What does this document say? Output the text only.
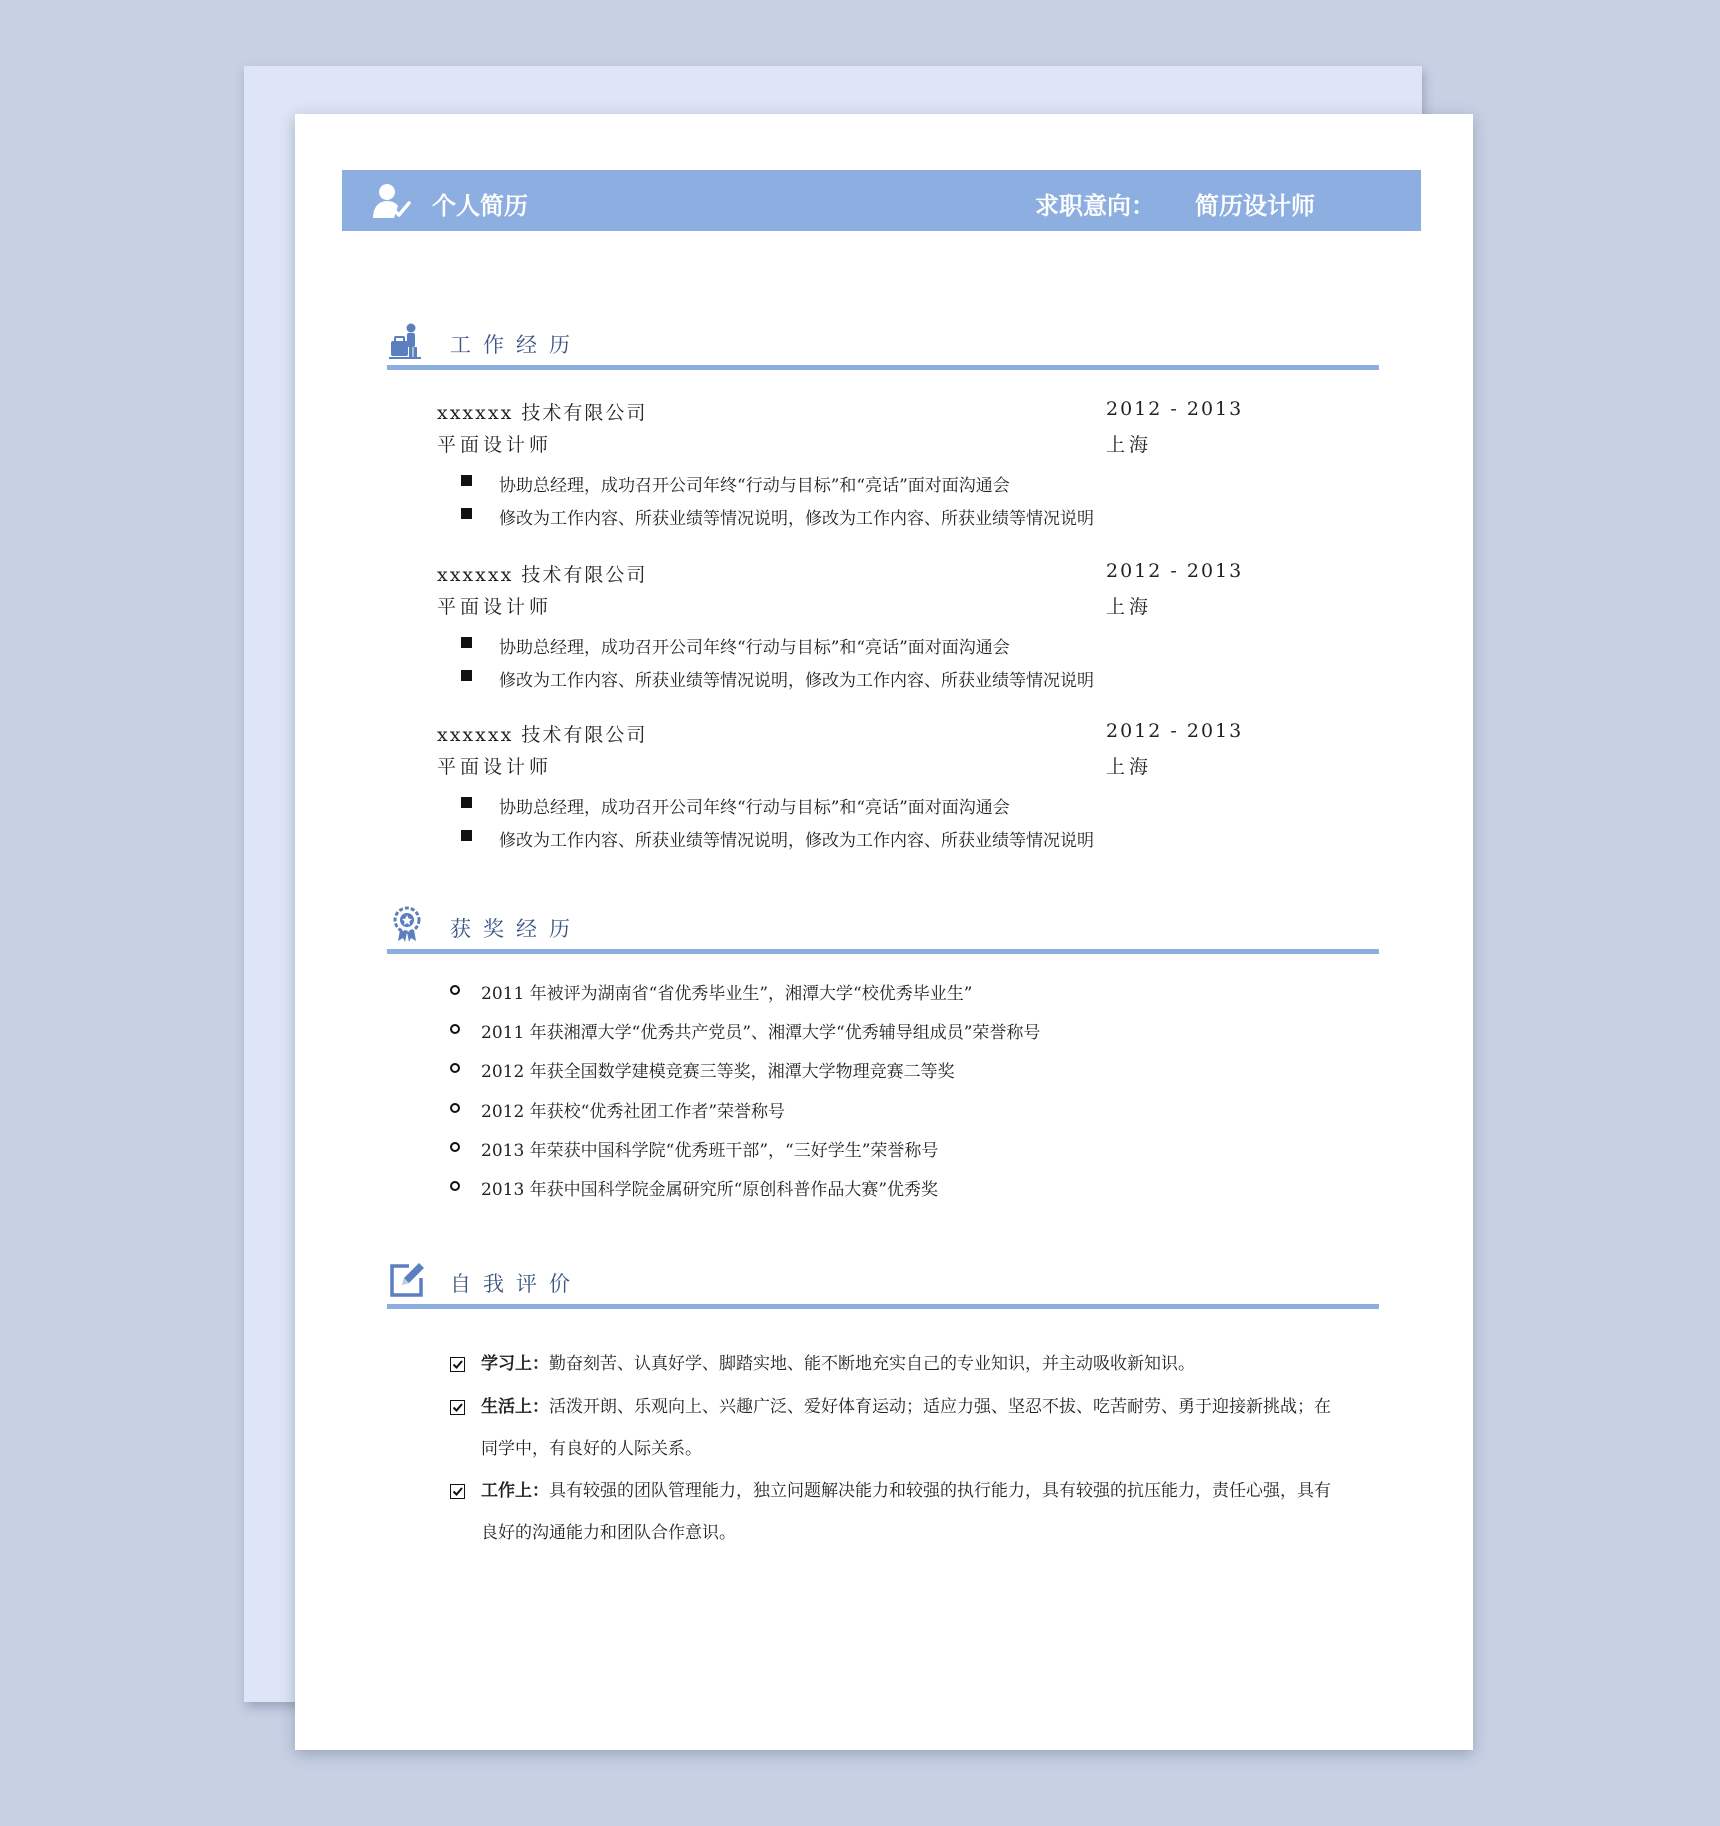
个人简历	求职意向： 简历设计师
工作经历
xxxxxx 技术有限公司	2012 - 2013
平面设计师	上海
协助总经理，成功召开公司年终“行动与目标”和“亮话”面对面沟通会
修改为工作内容、所获业绩等情况说明，修改为工作内容、所获业绩等情况说明
xxxxxx 技术有限公司	2012 - 2013
平面设计师	上海
协助总经理，成功召开公司年终“行动与目标”和“亮话”面对面沟通会
修改为工作内容、所获业绩等情况说明，修改为工作内容、所获业绩等情况说明
xxxxxx 技术有限公司	2012 - 2013
平面设计师	上海
协助总经理，成功召开公司年终“行动与目标”和“亮话”面对面沟通会
修改为工作内容、所获业绩等情况说明，修改为工作内容、所获业绩等情况说明
获奖经历
2011 年被评为湖南省“省优秀毕业生”，湘潭大学“校优秀毕业生”
2011 年获湘潭大学“优秀共产党员”、湘潭大学“优秀辅导组成员”荣誉称号
2012 年获全国数学建模竞赛三等奖，湘潭大学物理竞赛二等奖
2012 年获校“优秀社团工作者”荣誉称号
2013 年荣获中国科学院“优秀班干部”，“三好学生”荣誉称号
2013 年获中国科学院金属研究所“原创科普作品大赛”优秀奖
自我评价
学习上：勤奋刻苦、认真好学、脚踏实地、能不断地充实自己的专业知识，并主动吸收新知识。
生活上：活泼开朗、乐观向上、兴趣广泛、爱好体育运动；适应力强、坚忍不拔、吃苦耐劳、勇于迎接新挑战；在同学中，有良好的人际关系。
工作上：具有较强的团队管理能力，独立问题解决能力和较强的执行能力，具有较强的抗压能力，责任心强，具有良好的沟通能力和团队合作意识。
